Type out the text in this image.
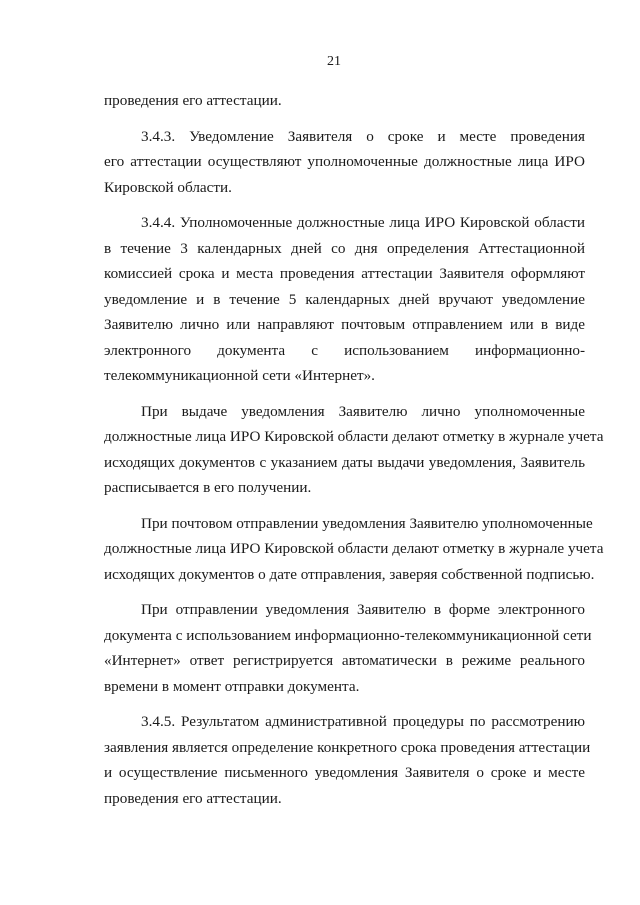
21
проведения его аттестации.
3.4.3. Уведомление Заявителя о сроке и месте проведения
его аттестации осуществляют уполномоченные должностные лица ИРО
Кировской области.
3.4.4. Уполномоченные должностные лица ИРО Кировской области
в течение 3 календарных дней со дня определения Аттестационной
комиссией срока и места проведения аттестации Заявителя оформляют
уведомление и в течение 5 календарных дней вручают уведомление
Заявителю лично или направляют почтовым отправлением или в виде
электронного документа с использованием информационно-
телекоммуникационной сети «Интернет».
При выдаче уведомления Заявителю лично уполномоченные
должностные лица ИРО Кировской области делают отметку в журнале учета
исходящих документов с указанием даты выдачи уведомления, Заявитель
расписывается в его получении.
При почтовом отправлении уведомления Заявителю уполномоченные
должностные лица ИРО Кировской области делают отметку в журнале учета
исходящих документов о дате отправления, заверяя собственной подписью.
При отправлении уведомления Заявителю в форме электронного
документа с использованием информационно-телекоммуникационной сети
«Интернет» ответ регистрируется автоматически в режиме реального
времени в момент отправки документа.
3.4.5. Результатом административной процедуры по рассмотрению
заявления является определение конкретного срока проведения аттестации
и осуществление письменного уведомления Заявителя о сроке и месте
проведения его аттестации.
